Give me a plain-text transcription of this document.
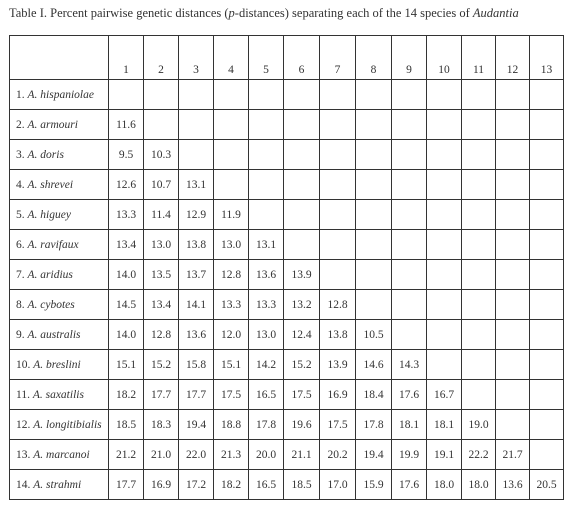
Table I. Percent pairwise genetic distances (p-distances) separating each of the 14 species of Audantia
	1	2	3	4	5	6	7	8	9	10	11	12	13
1. A. hispaniolae													
2. A. armouri	11.6												
3. A. doris	9.5	10.3											
4. A. shrevei	12.6	10.7	13.1										
5. A. higuey	13.3	11.4	12.9	11.9									
6. A. ravifaux	13.4	13.0	13.8	13.0	13.1								
7. A. aridius	14.0	13.5	13.7	12.8	13.6	13.9							
8. A. cybotes	14.5	13.4	14.1	13.3	13.3	13.2	12.8						
9. A. australis	14.0	12.8	13.6	12.0	13.0	12.4	13.8	10.5					
10. A. breslini	15.1	15.2	15.8	15.1	14.2	15.2	13.9	14.6	14.3				
11. A. saxatilis	18.2	17.7	17.7	17.5	16.5	17.5	16.9	18.4	17.6	16.7			
12. A. longitibialis	18.5	18.3	19.4	18.8	17.8	19.6	17.5	17.8	18.1	18.1	19.0		
13. A. marcanoi	21.2	21.0	22.0	21.3	20.0	21.1	20.2	19.4	19.9	19.1	22.2	21.7	
14. A. strahmi	17.7	16.9	17.2	18.2	16.5	18.5	17.0	15.9	17.6	18.0	18.0	13.6	20.5
